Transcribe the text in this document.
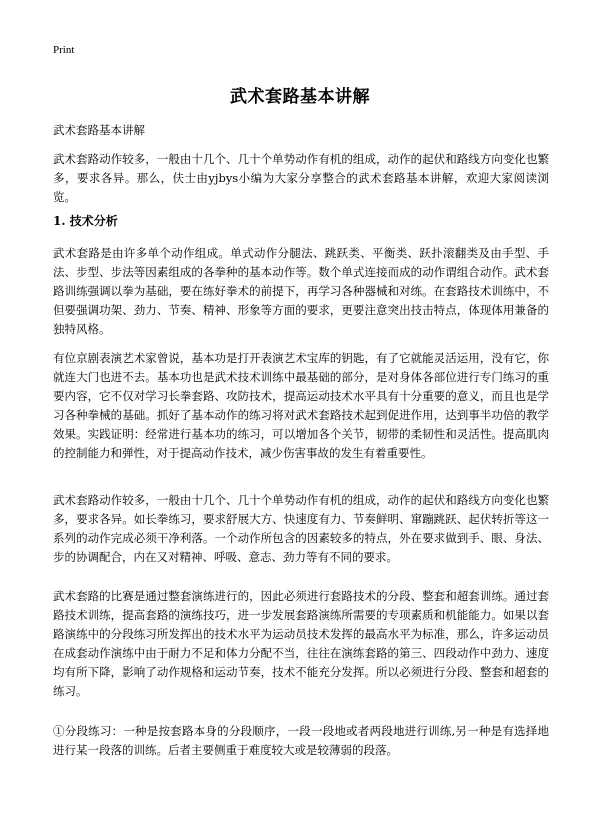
Print
武术套路基本讲解
武术套路基本讲解

武术套路动作较多，一般由十几个、几十个单势动作有机的组成，动作的起伏和路线方向变化也繁多，要求各异。那么，伕士由yjbys小编为大家分享整合的武术套路基本讲解，欢迎大家阅读浏览。

1. 技术分析

武术套路是由许多单个动作组成。单式动作分腿法、跳跃类、平衡类、跃扑滚翻类及由手型、手法、步型、步法等因素组成的各拳种的基本动作等。数个单式连接而成的动作谓组合动作。武术套路训练强调以拳为基础，要在练好拳术的前提下，再学习各种器械和对练。在套路技术训练中，不但要强调功架、劲力、节奏、精神、形象等方面的要求，更要注意突出技击特点，体现体用兼备的独特风格。

有位京剧表演艺术家曾说，基本功是打开表演艺术宝库的钥匙，有了它就能灵活运用，没有它，你就连大门也进不去。基本功也是武术技术训练中最基础的部分，是对身体各部位进行专门练习的重要内容，它不仅对学习长拳套路、攻防技术，提高运动技术水平具有十分重要的意义，而且也是学习各种拳械的基础。抓好了基本动作的练习将对武术套路技术起到促进作用，达到事半功倍的教学效果。实践证明：经常进行基本功的练习，可以增加各个关节，韧带的柔韧性和灵活性。提高肌肉的控制能力和弹性，对于提高动作技术，减少伤害事故的发生有着重要性。

武术套路动作较多，一般由十几个、几十个单势动作有机的组成，动作的起伏和路线方向变化也繁多，要求各异。如长拳练习，要求舒展大方、快速度有力、节奏鲜明、窜蹦跳跃、起伏转折等这一系列的动作完成必须干净利落。一个动作所包含的因素较多的特点，外在要求做到手、眼、身法、步的协调配合，内在又对精神、呼吸、意志、劲力等有不同的要求。

武术套路的比赛是通过整套演练进行的，因此必须进行套路技术的分段、整套和超套训练。通过套路技术训练，提高套路的演练技巧，进一步发展套路演练所需要的专项素质和机能能力。如果以套路演练中的分段练习所发挥出的技术水平为运动员技术发挥的最高水平为标准，那么，许多运动员在成套动作演练中由于耐力不足和体力分配不当，往往在演练套路的第三、四段动作中劲力、速度均有所下降，影响了动作规格和运动节奏，技术不能充分发挥。所以必须进行分段、整套和超套的练习。

①分段练习：一种是按套路本身的分段顺序，一段一段地或者两段地进行训练,另一种是有选择地进行某一段落的训练。后者主要侧重于难度较大或是较薄弱的段落。
